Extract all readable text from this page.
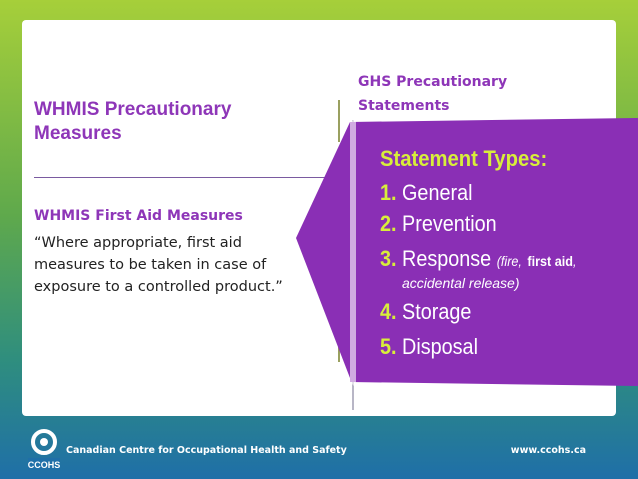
WHMIS Precautionary Measures
WHMIS First Aid Measures
“Where appropriate, first aid measures to be taken in case of exposure to a controlled product.”
GHS Precautionary Statements
Statement Types:
1. General
2. Prevention
3. Response (fire, first aid,
accidental release)
4. Storage
5. Disposal
CCOHS
Canadian Centre for Occupational Health and Safety	www.ccohs.ca
